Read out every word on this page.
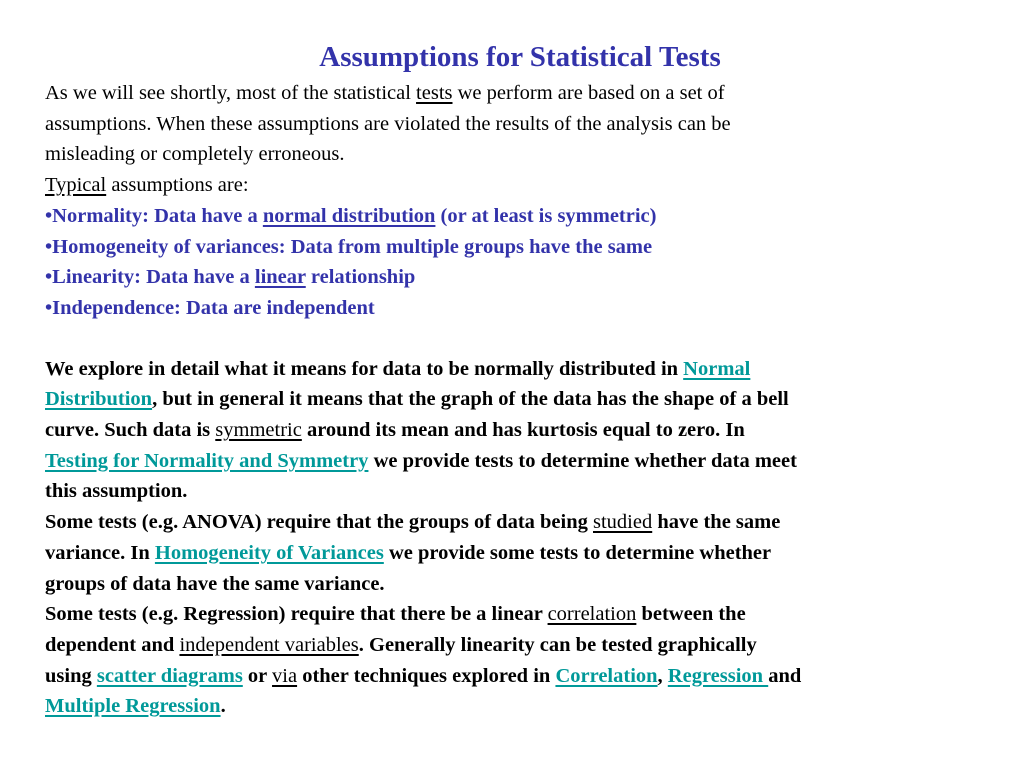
Assumptions for Statistical Tests
As we will see shortly, most of the statistical tests we perform are based on a set of
assumptions. When these assumptions are violated the results of the analysis can be
misleading or completely erroneous.
Typical assumptions are:
•Normality: Data have a normal distribution (or at least is symmetric)
•Homogeneity of variances: Data from multiple groups have the same
•Linearity: Data have a linear relationship
•Independence: Data are independent
We explore in detail what it means for data to be normally distributed in Normal
Distribution, but in general it means that the graph of the data has the shape of a bell
curve. Such data is symmetric around its mean and has kurtosis equal to zero. In
Testing for Normality and Symmetry we provide tests to determine whether data meet
this assumption.
Some tests (e.g. ANOVA) require that the groups of data being studied have the same
variance. In Homogeneity of Variances we provide some tests to determine whether
groups of data have the same variance.
Some tests (e.g. Regression) require that there be a linear correlation between the
dependent and independent variables. Generally linearity can be tested graphically
using scatter diagrams or via other techniques explored in Correlation, Regression and
Multiple Regression.
